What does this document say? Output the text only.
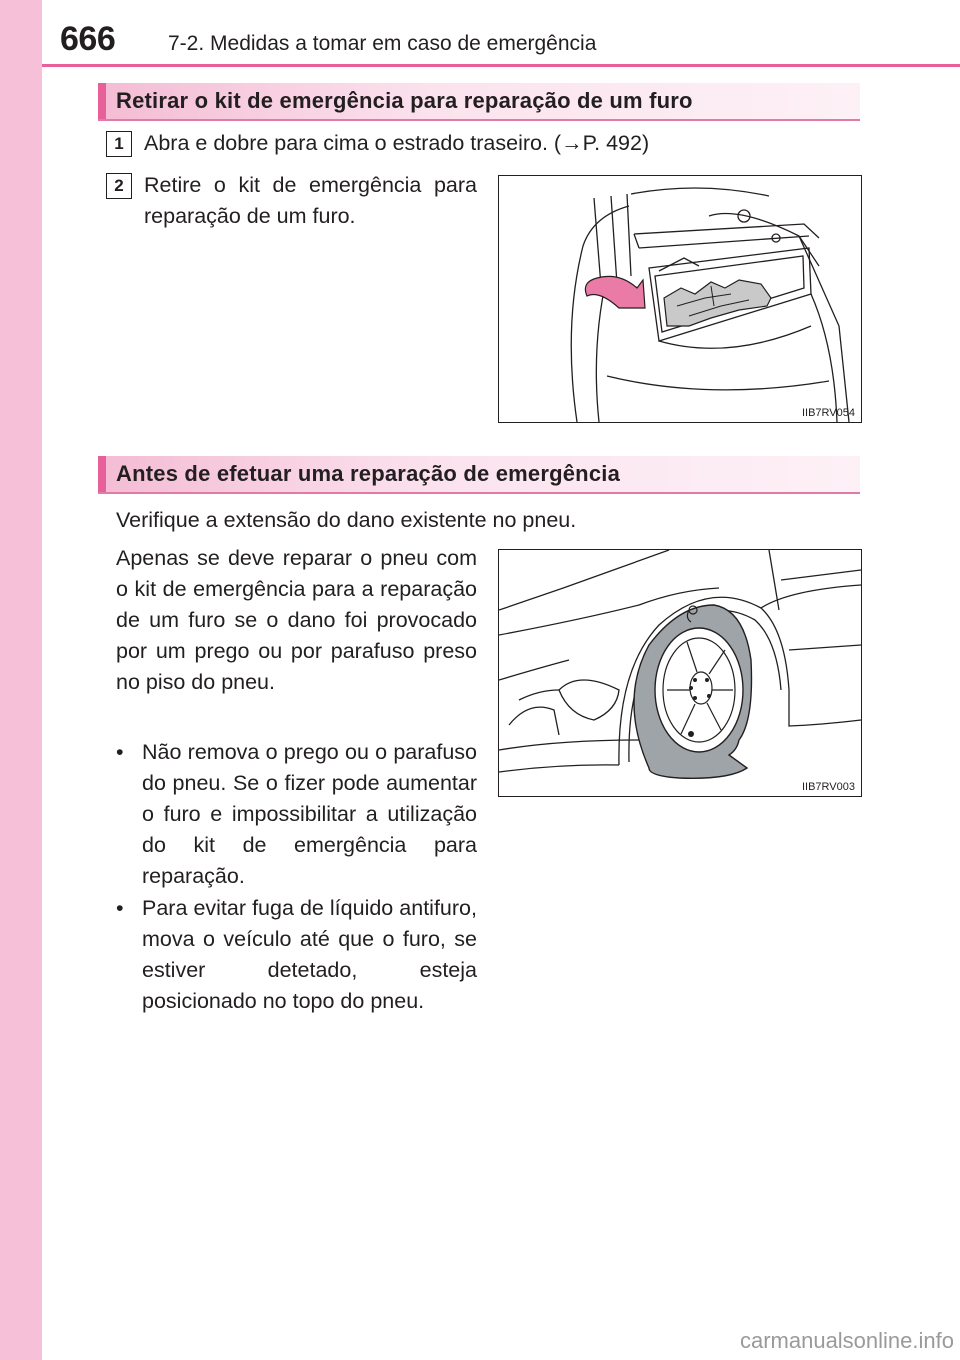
666	7-2. Medidas a tomar em caso de emergência
Retirar o kit de emergência para reparação de um furo
1 Abra e dobre para cima o estrado traseiro. (→P. 492)
2 Retire o kit de emergência para reparação de um furo.
IIB7RV054
Antes de efetuar uma reparação de emergência
Verifique a extensão do dano existente no pneu.
Apenas se deve reparar o pneu com o kit de emergência para a reparação de um furo se o dano foi provocado por um prego ou por parafuso preso no piso do pneu.
• Não remova o prego ou o parafuso do pneu. Se o fizer pode aumentar o furo e impossibilitar a utilização do kit de emergência para reparação.
• Para evitar fuga de líquido antifuro, mova o veículo até que o furo, se estiver detetado, esteja posicionado no topo do pneu.
IIB7RV003
carmanualsonline.info
